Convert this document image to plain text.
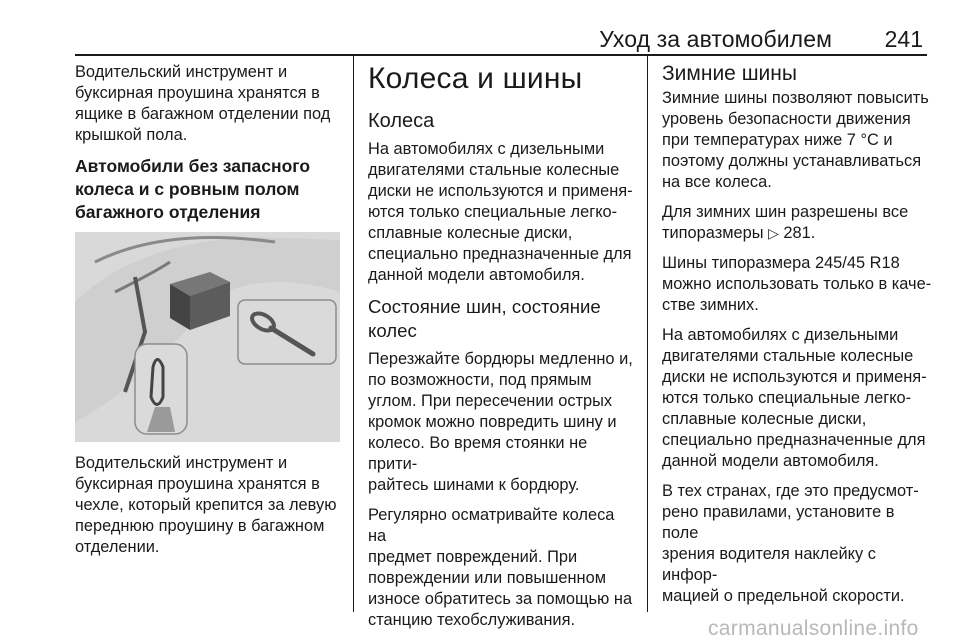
Уход за автомобилем 241

Водительский инструмент и
буксирная проушина хранятся в
ящике в багажном отделении под
крышкой пола.

Автомобили без запасного
колеса и с ровным полом
багажного отделения

Водительский инструмент и
буксирная проушина хранятся в
чехле, который крепится за левую
переднюю проушину в багажном
отделении.

Колеса и шины
Колеса

На автомобилях с дизельными
двигателями стальные колесные
диски не используются и применя-
ются только специальные легко-
сплавные колесные диски,
специально предназначенные для
данной модели автомобиля.

Состояние шин, состояние
колес

Перезжайте бордюры медленно и,
по возможности, под прямым
углом. При пересечении острых
кромок можно повредить шину и
колесо. Во время стоянки не прити-
райтесь шинами к бордюру.

Регулярно осматривайте колеса на
предмет повреждений. При
повреждении или повышенном
износе обратитесь за помощью на
станцию техобслуживания.

Зимние шины

Зимние шины позволяют повысить
уровень безопасности движения
при температурах ниже 7 °C и
поэтому должны устанавливаться
на все колеса.

Для зимних шин разрешены все
типоразмеры ▷ 281.

Шины типоразмера 245/45 R18
можно использовать только в каче-
стве зимних.

На автомобилях с дизельными
двигателями стальные колесные
диски не используются и применя-
ются только специальные легко-
сплавные колесные диски,
специально предназначенные для
данной модели автомобиля.

В тех странах, где это предусмот-
рено правилами, установите в поле
зрения водителя наклейку с инфор-
мацией о предельной скорости.

carmanualsonline.info
